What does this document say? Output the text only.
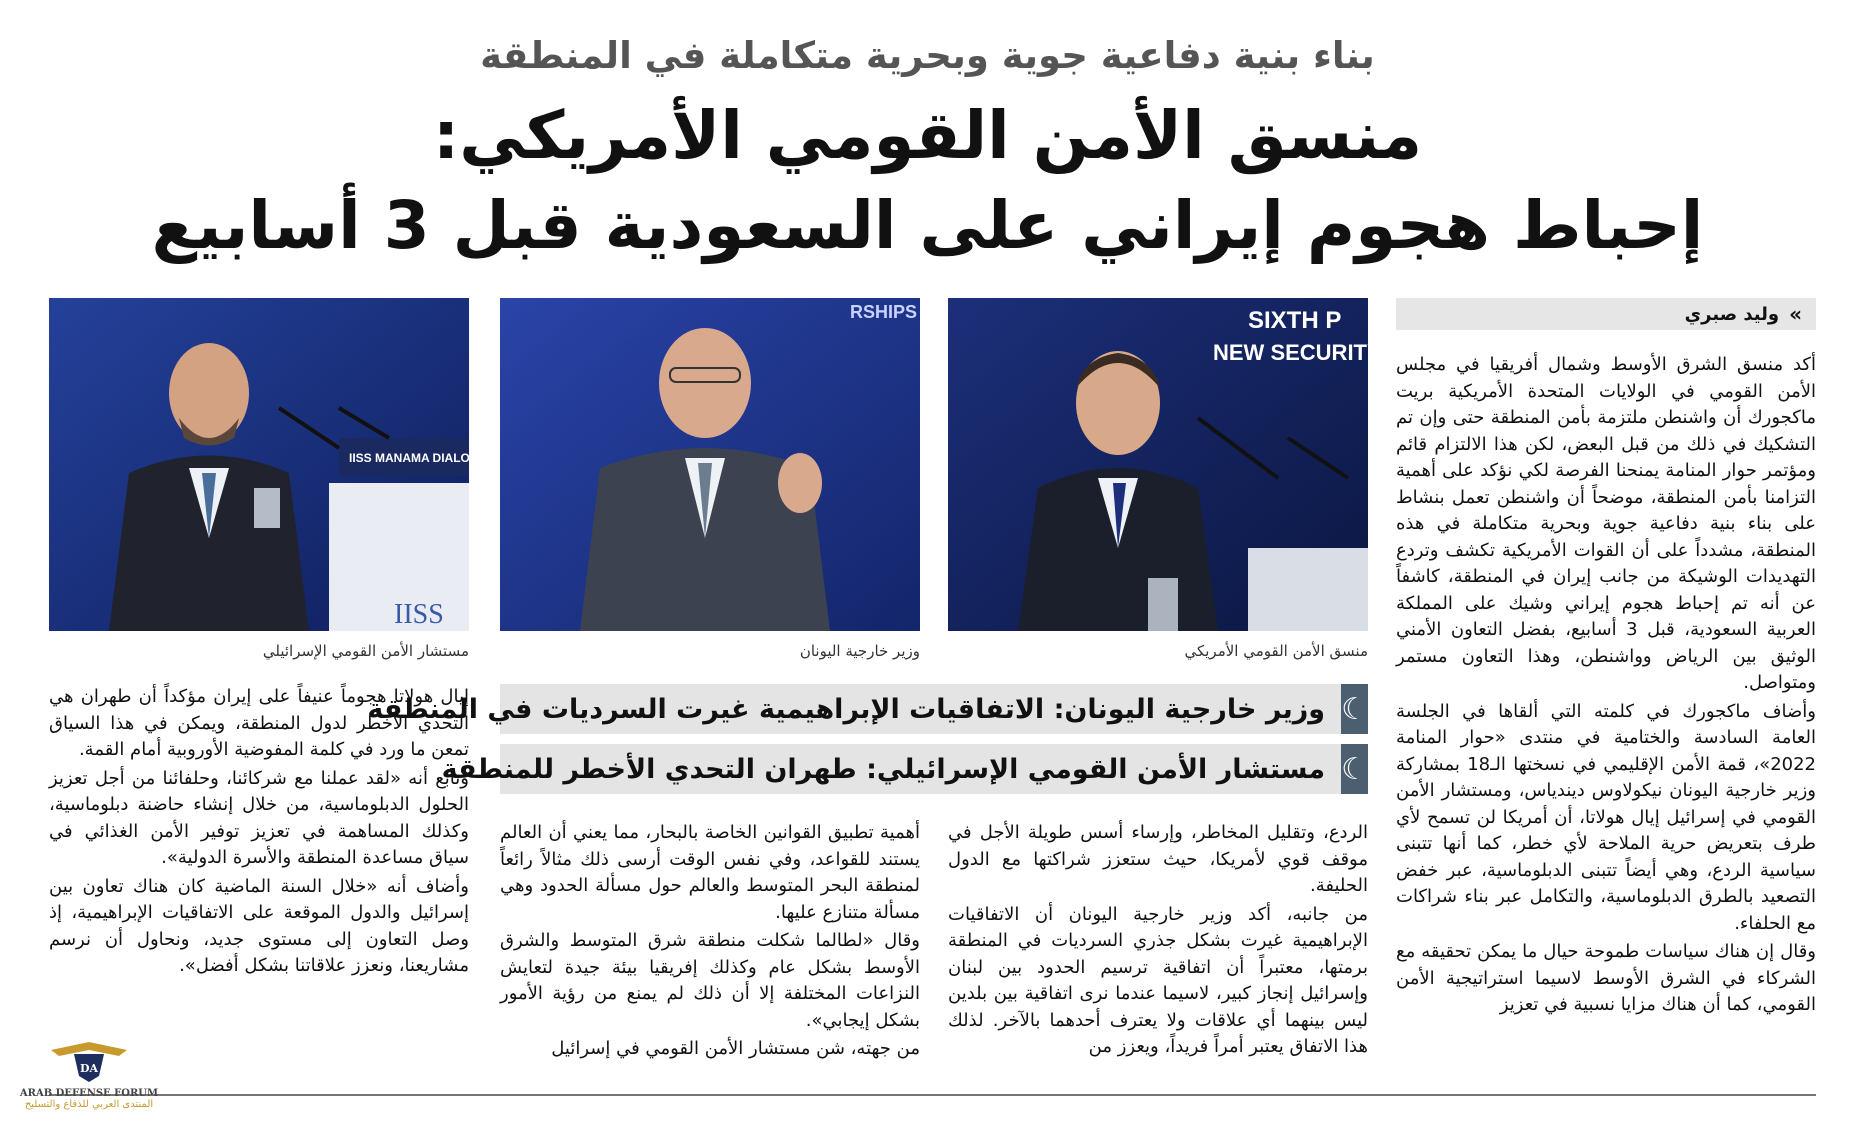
بناء بنية دفاعية جوية وبحرية متكاملة في المنطقة
منسق الأمن القومي الأمريكي:
إحباط هجوم إيراني على السعودية قبل 3 أسابيع
»
وليد صبري
SIXTH P
NEW SECURITY PART
منسق الأمن القومي الأمريكي
RSHIPS
وزير خارجية اليونان
IISS MANAMA DIALO
IISS
مستشار الأمن القومي الإسرائيلي

أكد منسق الشرق الأوسط وشمال أفريقيا في مجلس الأمن القومي في الولايات المتحدة الأمريكية بريت ماكجورك أن واشنطن ملتزمة بأمن المنطقة حتى وإن تم التشكيك في ذلك من قبل البعض، لكن هذا الالتزام قائم ومؤتمر حوار المنامة يمنحنا الفرصة لكي نؤكد على أهمية التزامنا بأمن المنطقة، موضحاً أن واشنطن تعمل بنشاط على بناء بنية دفاعية جوية وبحرية متكاملة في هذه المنطقة، مشدداً على أن القوات الأمريكية تكشف وتردع التهديدات الوشيكة من جانب إيران في المنطقة، كاشفاً عن أنه تم إحباط هجوم إيراني وشيك على المملكة العربية السعودية، قبل 3 أسابيع، بفضل التعاون الأمني الوثيق بين الرياض وواشنطن، وهذا التعاون مستمر ومتواصل.

وأضاف ماكجورك في كلمته التي ألقاها في الجلسة العامة السادسة والختامية في منتدى «حوار المنامة 2022»، قمة الأمن الإقليمي في نسختها الـ18 بمشاركة وزير خارجية اليونان نيكولاوس ديندياس، ومستشار الأمن القومي في إسرائيل إيال هولاتا، أن أمريكا لن تسمح لأي طرف بتعريض حرية الملاحة لأي خطر، كما أنها تتبنى سياسية الردع، وهي أيضاً تتبنى الدبلوماسية، عبر خفض التصعيد بالطرق الدبلوماسية، والتكامل عبر بناء شراكات مع الحلفاء.

وقال إن هناك سياسات طموحة حيال ما يمكن تحقيقه مع الشركاء في الشرق الأوسط لاسيما استراتيجية الأمن القومي، كما أن هناك مزايا نسبية في تعزيز

☾
وزير خارجية اليونان: الاتفاقيات الإبراهيمية غيرت السرديات في المنطقة
☾
مستشار الأمن القومي الإسرائيلي: طهران التحدي الأخطر للمنطقة

الردع، وتقليل المخاطر، وإرساء أسس طويلة الأجل في موقف قوي لأمريكا، حيث ستعزز شراكتها مع الدول الحليفة.

من جانبه، أكد وزير خارجية اليونان أن الاتفاقيات الإبراهيمية غيرت بشكل جذري السرديات في المنطقة برمتها، معتبراً أن اتفاقية ترسيم الحدود بين لبنان وإسرائيل إنجاز كبير، لاسيما عندما نرى اتفاقية بين بلدين ليس بينهما أي علاقات ولا يعترف أحدهما بالآخر. لذلك هذا الاتفاق يعتبر أمراً فريداً، ويعزز من

أهمية تطبيق القوانين الخاصة بالبحار، مما يعني أن العالم يستند للقواعد، وفي نفس الوقت أرسى ذلك مثالاً رائعاً لمنطقة البحر المتوسط والعالم حول مسألة الحدود وهي مسألة متنازع عليها.

وقال «لطالما شكلت منطقة شرق المتوسط والشرق الأوسط بشكل عام وكذلك إفريقيا بيئة جيدة لتعايش النزاعات المختلفة إلا أن ذلك لم يمنع من رؤية الأمور بشكل إيجابي».

من جهته، شن مستشار الأمن القومي في إسرائيل

إيال هولاتا هجوماً عنيفاً على إيران مؤكداً أن طهران هي التحدي الأخطر لدول المنطقة، ويمكن في هذا السياق تمعن ما ورد في كلمة المفوضية الأوروبية أمام القمة.

وتابع أنه «لقد عملنا مع شركائنا، وحلفائنا من أجل تعزيز الحلول الدبلوماسية، من خلال إنشاء حاضنة دبلوماسية، وكذلك المساهمة في تعزيز توفير الأمن الغذائي في سياق مساعدة المنطقة والأسرة الدولية».

وأضاف أنه «خلال السنة الماضية كان هناك تعاون بين إسرائيل والدول الموقعة على الاتفاقيات الإبراهيمية، إذ وصل التعاون إلى مستوى جديد، ونحاول أن نرسم مشاريعنا، ونعزز علاقاتنا بشكل أفضل».

DA
ARAB DEFENSE FORUM
المنتدى العربي للدفاع والتسليح
